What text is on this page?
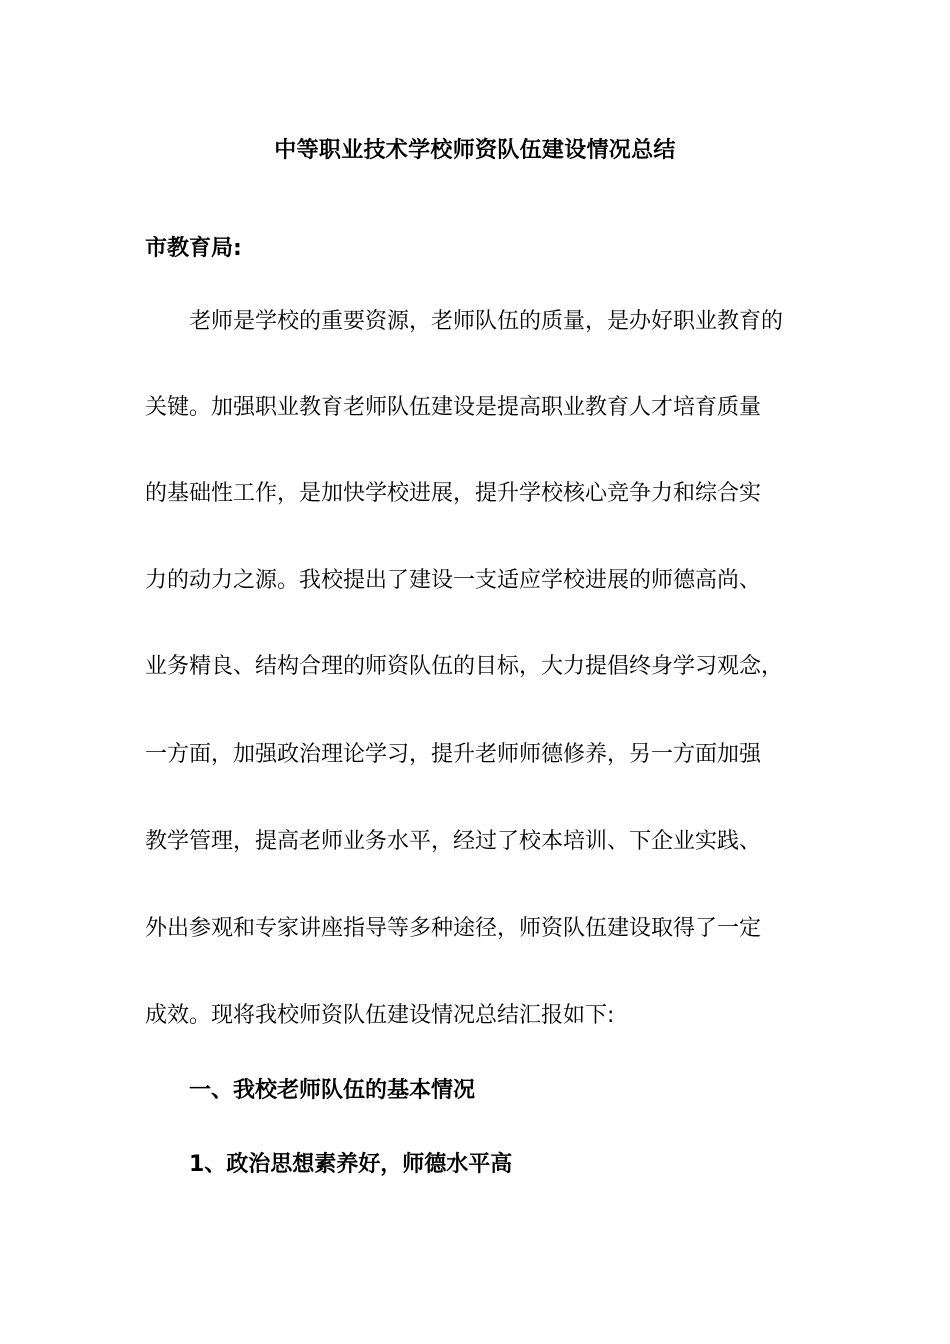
中等职业技术学校师资队伍建设情况总结
市教育局:
老师是学校的重要资源，老师队伍的质量，是办好职业教育的
关键。加强职业教育老师队伍建设是提高职业教育人才培育质量
的基础性工作，是加快学校进展，提升学校核心竞争力和综合实
力的动力之源。我校提出了建设一支适应学校进展的师德高尚、
业务精良、结构合理的师资队伍的目标，大力提倡终身学习观念，
一方面，加强政治理论学习，提升老师师德修养，另一方面加强
教学管理，提高老师业务水平，经过了校本培训、下企业实践、
外出参观和专家讲座指导等多种途径，师资队伍建设取得了一定
成效。现将我校师资队伍建设情况总结汇报如下:
一、我校老师队伍的基本情况
1、政治思想素养好，师德水平高
